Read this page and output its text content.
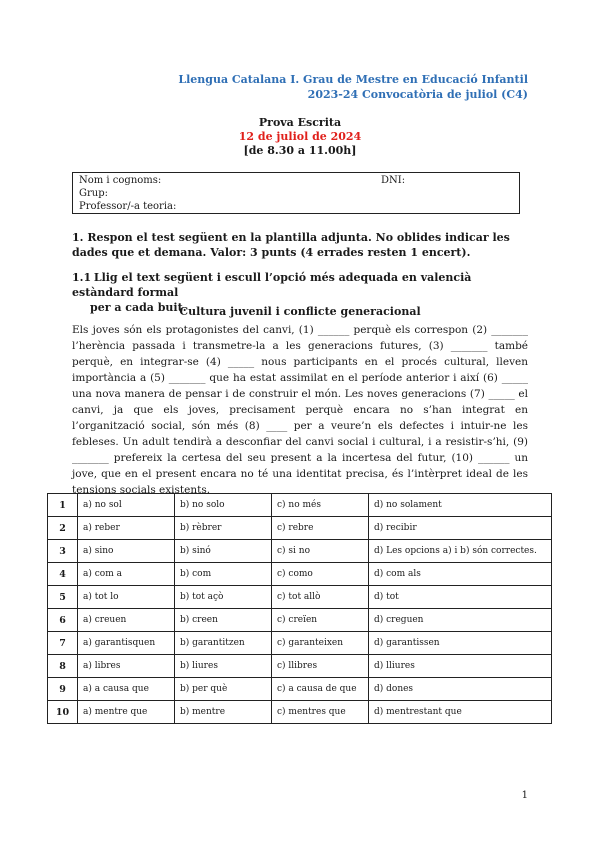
Llengua Catalana I. Grau de Mestre en Educació Infantil
2023-24 Convocatòria de juliol (C4)
Prova Escrita
12 de juliol de 2024
[de 8.30 a 11.00h]
Nom i cognoms:	DNI:
Grup:
Professor/-a teoria:
1. Respon el test següent en la plantilla adjunta. No oblides indicar les dades que et demana. Valor: 3 punts (4 errades resten 1 encert).
1.1 Llig el text següent i escull l’opció més adequada en valencià estàndard formal
per a cada buit.
Cultura juvenil i conflicte generacional
Els joves són els protagonistes del canvi, (1) ______ perquè els correspon (2) _______ l’herència passada i transmetre-la a les generacions futures, (3) _______ també perquè, en integrar-se (4) _____ nous participants en el procés cultural, lleven importància a (5) _______ que ha estat assimilat en el període anterior i així (6) _____ una nova manera de pensar i de construir el món. Les noves generacions (7) _____ el canvi, ja que els joves, precisament perquè encara no s’han integrat en l’organització social, són més (8) ____ per a veure’n els defectes i intuir-ne les febleses. Un adult tendirà a desconfiar del canvi social i cultural, i a resistir-s’hi, (9) _______ prefereix la certesa del seu present a la incertesa del futur, (10) ______ un jove, que en el present encara no té una identitat precisa, és l’intèrpret ideal de les tensions socials existents.
1	a) no sol	b) no solo	c) no més	d) no solament
2	a) reber	b) rèbrer	c) rebre	d) recibir
3	a) sino	b) sinó	c) si no	d) Les opcions a) i b) són correctes.
4	a) com a	b) com	c) como	d) com als
5	a) tot lo	b) tot açò	c) tot allò	d) tot
6	a) creuen	b) creen	c) creïen	d) creguen
7	a) garantisquen	b) garantitzen	c) garanteixen	d) garantissen
8	a) libres	b) liures	c) llibres	d) lliures
9	a) a causa que	b) per què	c) a causa de que	d) dones
10	a) mentre que	b) mentre	c) mentres que	d) mentrestant que
1
